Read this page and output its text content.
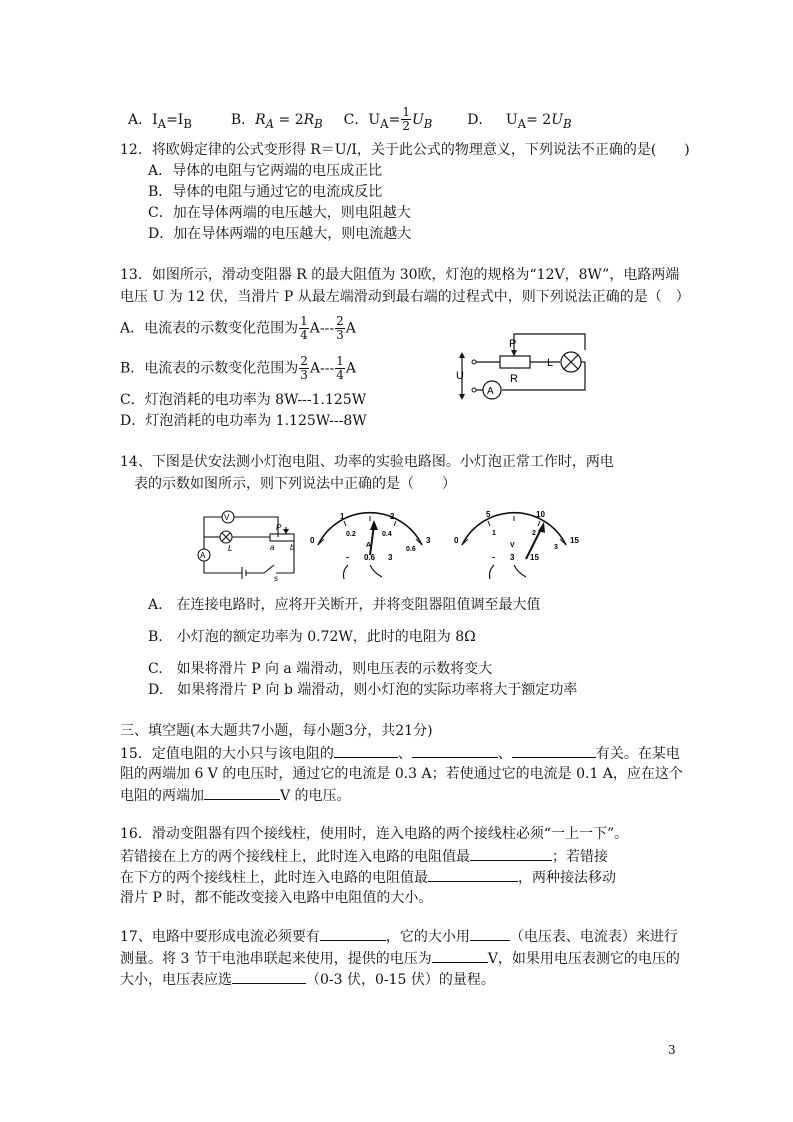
A．$I_A=I_B$	B．$R_A = 2R_B$ C．$U_A= \frac{1}{2} U_B$ D． $U_A= 2U_B$
12．将欧姆定律的公式变形得 R＝U/I，关于此公式的物理意义，下列说法不正确的是(　　)
A．导体的电阻与它两端的电压成正比
B．导体的电阻与通过它的电流成反比
C．加在导体两端的电压越大，则电阻越大
D．加在导体两端的电压越大，则电流越大
13．如图所示，滑动变阻器 R 的最大阻值为 30欧，灯泡的规格为“12V，8W”，电路两端
电压 U 为 12 伏，当滑片 P 从最左端滑动到最右端的过程式中，则下列说法正确的是（　）
A．电流表的示数变化范围为 $\frac{1}{4} A--- \frac{2}{3}$ A
B．电流表的示数变化范围为 $\frac{2}{3} A--- \frac{1}{4}$ A
C．灯泡消耗的电功率为 8W---1.125W
D．灯泡消耗的电功率为 1.125W---8W
P
R
L
U
A
14、下图是伏安法测小灯泡电阻、功率的实验电路图。小灯泡正常工作时，两电
表的示数如图所示，则下列说法中正确的是（　　）
V
A
L
P
a b
s
0
1	2
3
0.2	0.4
0.6
A
- 0.6 3
0
5	10
15
1	2
3
V
- 3 15
A.　在连接电路时，应将开关断开，并将变阻器阻值调至最大值
B.　小灯泡的额定功率为 0.72W，此时的电阻为 8Ω
C.　如果将滑片 P 向 a 端滑动，则电压表的示数将变大
D.　如果将滑片 P 向 b 端滑动，则小灯泡的实际功率将大于额定功率
三、填空题(本大题共7小题，每小题3分，共21分)
15．定值电阻的大小只与该电阻的	、	、	有关。在某电
阻的两端加 6 V 的电压时，通过它的电流是 0.3 A；若使通过它的电流是 0.1 A，应在这个
电阻的两端加	V 的电压。
16．滑动变阻器有四个接线柱，使用时，连入电路的两个接线柱必须“一上一下”。
若错接在上方的两个接线柱上，此时连入电路的电阻值最	；若错接
在下方的两个接线柱上，此时连入电路的电阻值最	，两种接法移动
滑片 P 时，都不能改变接入电路中电阻值的大小。
17、电路中要形成电流必须要有	，它的大小用	（电压表、电流表）来进行
测量。将 3 节干电池串联起来使用，提供的电压为	V，如果用电压表测它的电压的
大小，电压表应选	（0-3 伏，0-15 伏）的量程。
3
